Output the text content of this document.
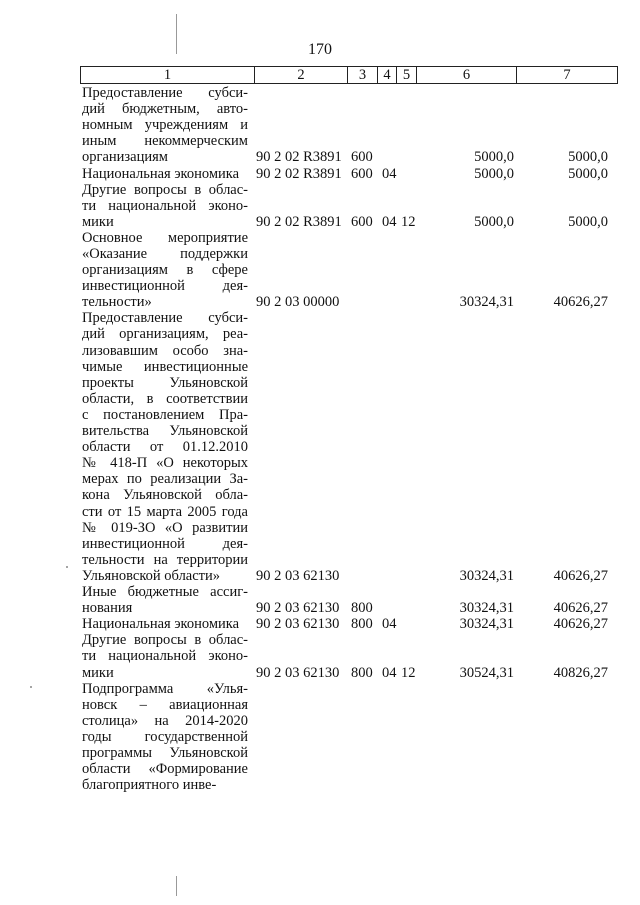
170
1	2	3	4 5	6	7
Предоставление субси-
дий бюджетным, авто-
номным учреждениям и
иным некоммерческим
организациям	90 2 02 R3891 600	5000,0	5000,0
Национальная экономика	90 2 02 R3891 600 04	5000,0	5000,0
Другие вопросы в облас-
ти национальной эконо-
мики	90 2 02 R3891 600 04 12	5000,0	5000,0
Основное мероприятие
«Оказание поддержки
организациям в сфере
инвестиционной дея-
тельности»	90 2 03 00000	30324,31	40626,27
Предоставление субси-
дий организациям, реа-
лизовавшим особо зна-
чимые инвестиционные
проекты Ульяновской
области, в соответствии
с постановлением Пра-
вительства Ульяновской
области от 01.12.2010
№ 418-П «О некоторых
мерах по реализации За-
кона Ульяновской обла-
сти от 15 марта 2005 года
№ 019-ЗО «О развитии
инвестиционной дея-
тельности на территории
Ульяновской области»	90 2 03 62130	30324,31	40626,27
Иные бюджетные ассиг-
нования	90 2 03 62130 800	30324,31	40626,27
Национальная экономика	90 2 03 62130 800 04	30324,31	40626,27
Другие вопросы в облас-
ти национальной эконо-
мики	90 2 03 62130 800 04 12	30524,31	40826,27
Подпрограмма «Улья-
новск – авиационная
столица» на 2014-2020
годы государственной
программы Ульяновской
области «Формирование
благоприятного инве-
